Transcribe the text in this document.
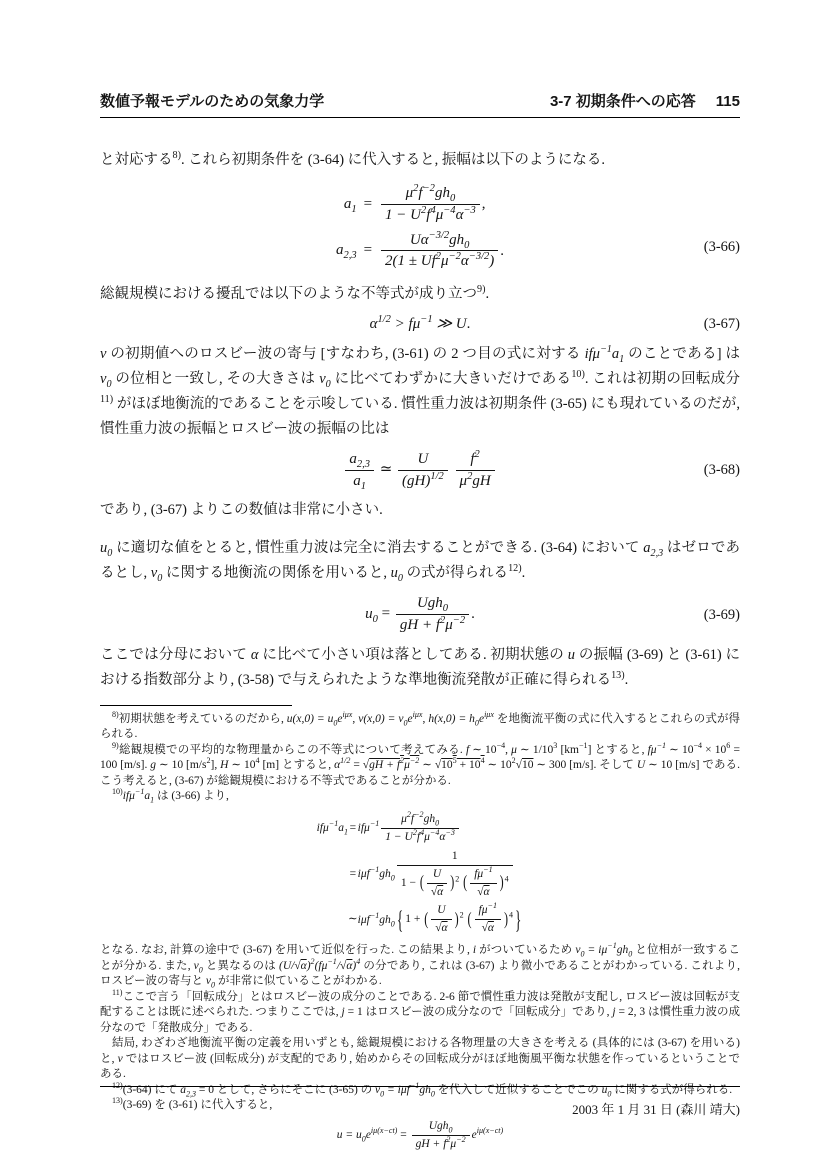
数値予報モデルのための気象力学	3-7 初期条件への応答 115

と対応する$^{8)}$. これら初期条件を (3-64) に代入すると, 振幅は以下のようになる.

$a_1$	=	$\frac{\mu^2f^{-2}gh_0}{1 - U^2f^4\mu^{-4}\alpha^{-3}}$ ,
$a_{2,3}$	=	$\frac{U\alpha^{-3/2}gh_0}{2(1 \pm Uf^2\mu^{-2}\alpha^{-3/2})}$ .	(3-66)

総観規模における擾乱では以下のような不等式が成り立つ$^{9)}$.

$\alpha^{1/2} > f\mu^{-1}$ ≫ U.	(3-67)

v の初期値へのロスビー波の寄与 [すなわち, (3-61) の 2 つ目の式に対する $if\mu^{-1}a_1$ のことである] は $v_0$ の位相と一致し, その大きさは $v_0$ に比べてわずかに大きいだけである$^{10)}$. これは初期の回転成分$^{11)}$ がほぼ地衡流的であることを示唆している. 慣性重力波は初期条件 (3-65) にも現れているのだが, 慣性重力波の振幅とロスビー波の振幅の比は

$\frac{a_{2,3}}{a_1}$ ≃ $\frac{U}{(gH)^{1/2}}$
$\frac{f^2}{\mu^2gH}$	(3-68)

であり, (3-67) よりこの数値は非常に小さい.

$u_0$ に適切な値をとると, 慣性重力波は完全に消去することができる. (3-64) において $a_{2,3}$ はゼロであるとし, $v_0$ に関する地衡流の関係を用いると, $u_0$ の式が得られる$^{12)}$.

$u_0 = \frac{Ugh_0}{gH + f^2\mu^{-2}}$ .	(3-69)

ここでは分母において α に比べて小さい項は落としてある. 初期状態の u の振幅 (3-69) と (3-61) における指数部分より, (3-58) で与えられたような準地衡流発散が正確に得られる$^{13)}$.

$^{8)}$初期状態を考えているのだから, $u(x,0) = u_0e^{i\mu x}$, $v(x,0) = v_0e^{i\mu x}$, $h(x,0) = h_0e^{i\mu x}$ を地衡流平衡の式に代入するとこれらの式が得られる.

$^{9)}$総観規模での平均的な物理量からこの不等式について考えてみる. f ∼ $10^{-4}$, μ ∼ $1/10^3$ $[km^{-1}]$ とすると, $f\mu^{-1}$ ∼ $10^{-4} \times 10^6 = 100$ [m/s]. g ∼ 10 $[m/s^2]$, H ∼ $10^4$ [m] とすると, $\alpha^{1/2} = √gH + f^2\mu^{-2}$ ∼ $√10^5 + 10^4$ ∼ $10^2√10$ ∼ 300 [m/s]. そして U ∼ 10 [m/s] である. こう考えると, (3-67) が総観規模における不等式であることが分かる.

$^{10)}if\mu^{-1}a_1$ は (3-66) より,

$if\mu^{-1}a_1$	=	$if\mu^{-1} \frac{\mu^2f^{-2}gh_0}{1 - U^2f^4\mu^{-4}\alpha^{-3}}$

	=	$i\mu f^{-1}gh_0 \frac{1}{1 - ( \frac{U}{√\alpha} )^2 ( \frac{f\mu^{-1}}{√\alpha} )^4}$

	∼	$i\mu f^{-1}gh_0$ { 1 + ( $\frac{U}{√\alpha} )^2$ ( $\frac{f\mu^{-1}}{√\alpha} )^4$ }

となる. なお, 計算の途中で (3-67) を用いて近似を行った. この結果より, i がついているため $v_0 = i\mu^{-1}gh_0$ と位相が一致することが分かる. また, $v_0$ と異なるのは $(U/√\alpha)^2(f\mu^{-1}/√\alpha)^4$ の分であり, これは (3-67) より微小であることがわかっている. これより, ロスビー波の寄与と $v_0$ が非常に似ていることがわかる.

$^{11)}$ここで言う「回転成分」とはロスビー波の成分のことである. 2-6 節で慣性重力波は発散が支配し, ロスビー波は回転が支配することは既に述べられた. つまりここでは, j = 1 はロスビー波の成分なので「回転成分」であり, j = 2, 3 は慣性重力波の成分なので「発散成分」である.

結局, わざわざ地衡流平衡の定義を用いずとも, 総観規模における各物理量の大きさを考える (具体的には (3-67) を用いる) と, v ではロスビー波 (回転成分) が支配的であり, 始めからその回転成分がほぼ地衡風平衡な状態を作っているということである.

$^{12)}$(3-64) にて $a_{2,3} = 0$ として, さらにそこに (3-65) の $v_0 = i\mu f^{-1}gh_0$ を代入して近似することでこの $u_0$ に関する式が得られる.

$^{13)}$(3-69) を (3-61) に代入すると,

$u = u_0e^{i\mu(x-ct)} = \frac{Ugh_0}{gH + f^2\mu^{-2}} e^{i\mu(x-ct)}$
2003 年 1 月 31 日 (森川 靖大)
